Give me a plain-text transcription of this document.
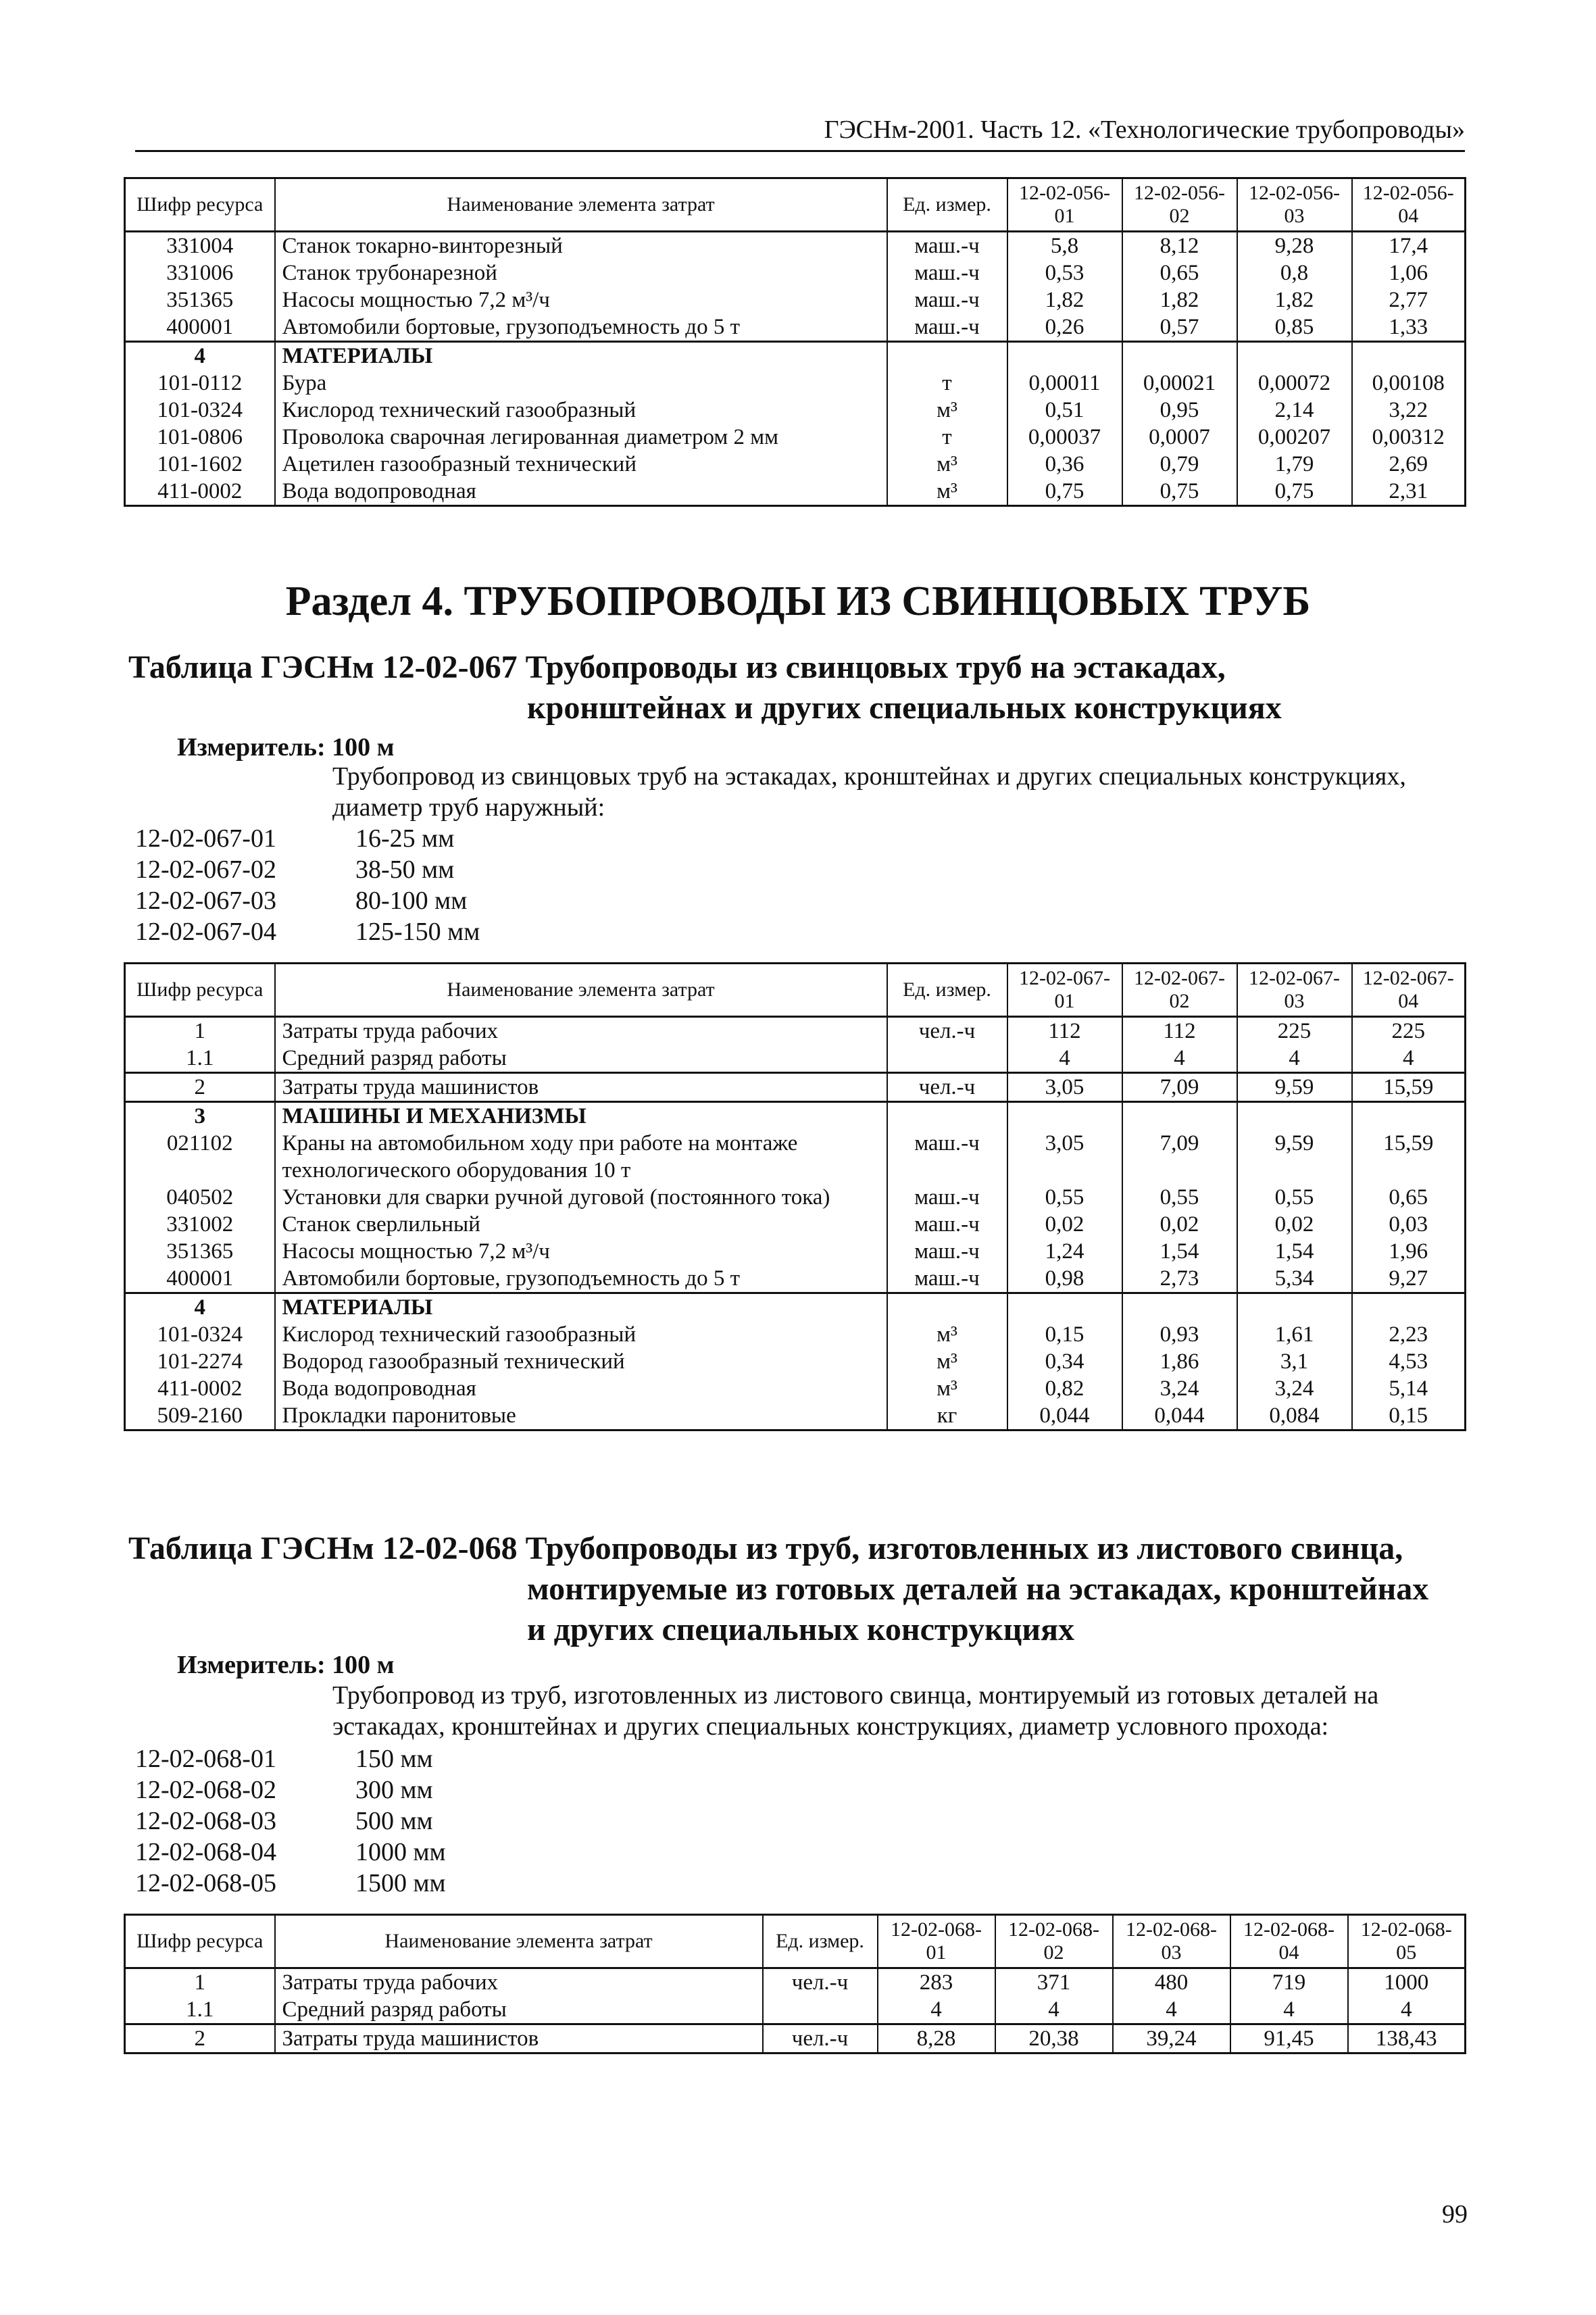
ГЭСНм-2001. Часть 12. «Технологические трубопроводы»
Шифр ресурса	Наименование элемента затрат	Ед. измер.	12-02-056-01	12-02-056-02	12-02-056-03	12-02-056-04
331004	Станок токарно-винторезный	маш.-ч	5,8	8,12	9,28	17,4
331006	Станок трубонарезной	маш.-ч	0,53	0,65	0,8	1,06
351365	Насосы мощностью 7,2 м³/ч	маш.-ч	1,82	1,82	1,82	2,77
400001	Автомобили бортовые, грузоподъемность до 5 т	маш.-ч	0,26	0,57	0,85	1,33
4	МАТЕРИАЛЫ					
101-0112	Бура	т	0,00011	0,00021	0,00072	0,00108
101-0324	Кислород технический газообразный	м³	0,51	0,95	2,14	3,22
101-0806	Проволока сварочная легированная диаметром 2 мм	т	0,00037	0,0007	0,00207	0,00312
101-1602	Ацетилен газообразный технический	м³	0,36	0,79	1,79	2,69
411-0002	Вода водопроводная	м³	0,75	0,75	0,75	2,31
Раздел 4. ТРУБОПРОВОДЫ ИЗ СВИНЦОВЫХ ТРУБ
Таблица ГЭСНм 12-02-067 Трубопроводы из свинцовых труб на эстакадах,
кронштейнах и других специальных конструкциях
Измеритель: 100 м
Трубопровод из свинцовых труб на эстакадах, кронштейнах и других специальных конструкциях, диаметр труб наружный:
12-02-067-01	16-25 мм
12-02-067-02	38-50 мм
12-02-067-03	80-100 мм
12-02-067-04	125-150 мм
Шифр ресурса	Наименование элемента затрат	Ед. измер.	12-02-067-01	12-02-067-02	12-02-067-03	12-02-067-04
1	Затраты труда рабочих	чел.-ч	112	112	225	225
1.1	Средний разряд работы		4	4	4	4
2	Затраты труда машинистов	чел.-ч	3,05	7,09	9,59	15,59
3	МАШИНЫ И МЕХАНИЗМЫ					
021102	Краны на автомобильном ходу при работе на монтаже технологического оборудования 10 т	маш.-ч	3,05	7,09	9,59	15,59
040502	Установки для сварки ручной дуговой (постоянного тока)	маш.-ч	0,55	0,55	0,55	0,65
331002	Станок сверлильный	маш.-ч	0,02	0,02	0,02	0,03
351365	Насосы мощностью 7,2 м³/ч	маш.-ч	1,24	1,54	1,54	1,96
400001	Автомобили бортовые, грузоподъемность до 5 т	маш.-ч	0,98	2,73	5,34	9,27
4	МАТЕРИАЛЫ					
101-0324	Кислород технический газообразный	м³	0,15	0,93	1,61	2,23
101-2274	Водород газообразный технический	м³	0,34	1,86	3,1	4,53
411-0002	Вода водопроводная	м³	0,82	3,24	3,24	5,14
509-2160	Прокладки паронитовые	кг	0,044	0,044	0,084	0,15
Таблица ГЭСНм 12-02-068 Трубопроводы из труб, изготовленных из листового свинца,
монтируемые из готовых деталей на эстакадах, кронштейнах
и других специальных конструкциях
Измеритель: 100 м
Трубопровод из труб, изготовленных из листового свинца, монтируемый из готовых деталей на эстакадах, кронштейнах и других специальных конструкциях, диаметр условного прохода:
12-02-068-01	150 мм
12-02-068-02	300 мм
12-02-068-03	500 мм
12-02-068-04	1000 мм
12-02-068-05	1500 мм
Шифр ресурса	Наименование элемента затрат	Ед. измер.	12-02-068-01	12-02-068-02	12-02-068-03	12-02-068-04	12-02-068-05
1	Затраты труда рабочих	чел.-ч	283	371	480	719	1000
1.1	Средний разряд работы		4	4	4	4	4
2	Затраты труда машинистов	чел.-ч	8,28	20,38	39,24	91,45	138,43
99
